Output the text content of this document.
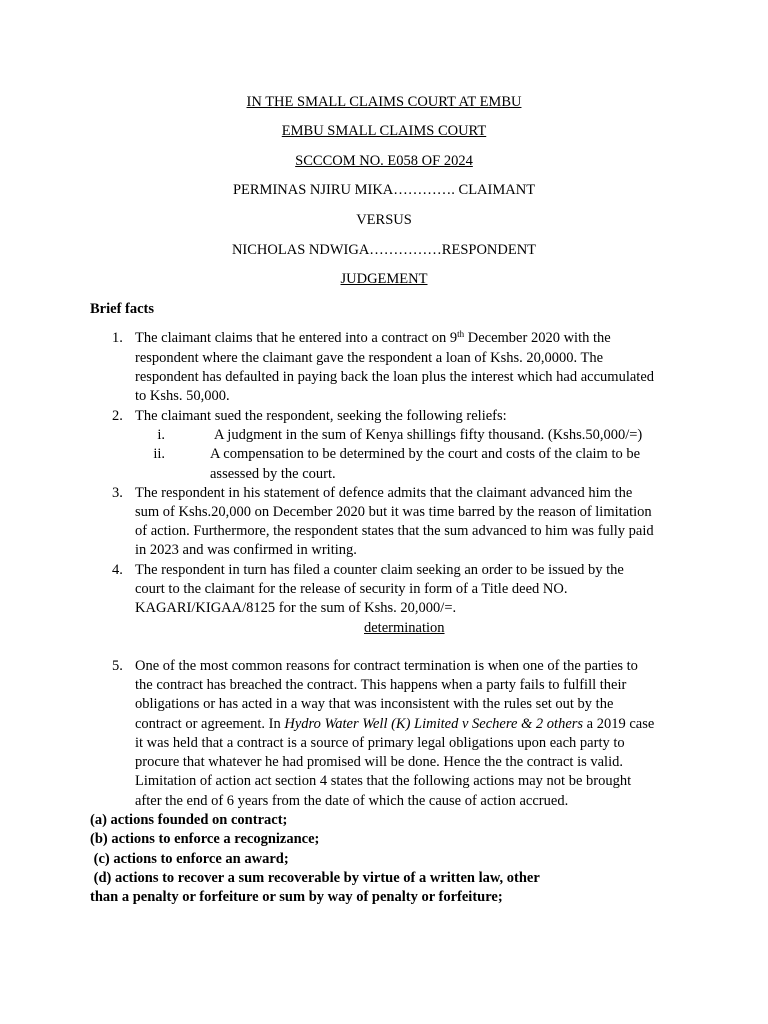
IN THE SMALL CLAIMS COURT AT EMBU
EMBU SMALL CLAIMS COURT
SCCCOM NO. E058 OF 2024
PERMINAS NJIRU MIKA…………. CLAIMANT
VERSUS
NICHOLAS NDWIGA……………RESPONDENT
JUDGEMENT
Brief facts
1. The claimant claims that he entered into a contract on 9th December 2020 with the
respondent where the claimant gave the respondent a loan of Kshs. 20,0000. The
respondent has defaulted in paying back the loan plus the interest which had accumulated
to Kshs. 50,000.
2. The claimant sued the respondent, seeking the following reliefs:
i.	A judgment in the sum of Kenya shillings fifty thousand. (Kshs.50,000/=)
ii.	A compensation to be determined by the court and costs of the claim to be
assessed by the court.
3. The respondent in his statement of defence admits that the claimant advanced him the
sum of Kshs.20,000 on December 2020 but it was time barred by the reason of limitation
of action. Furthermore, the respondent states that the sum advanced to him was fully paid
in 2023 and was confirmed in writing.
4. The respondent in turn has filed a counter claim seeking an order to be issued by the
court to the claimant for the release of security in form of a Title deed NO.
KAGARI/KIGAA/8125 for the sum of Kshs. 20,000/=.
determination
5. One of the most common reasons for contract termination is when one of the parties to
the contract has breached the contract. This happens when a party fails to fulfill their
obligations or has acted in a way that was inconsistent with the rules set out by the
contract or agreement. In Hydro Water Well (K) Limited v Sechere & 2 others a 2019 case
it was held that a contract is a source of primary legal obligations upon each party to
procure that whatever he had promised will be done. Hence the the contract is valid.
Limitation of action act section 4 states that the following actions may not be brought
after the end of 6 years from the date of which the cause of action accrued.
(a) actions founded on contract;
(b) actions to enforce a recognizance;
(c) actions to enforce an award;
(d) actions to recover a sum recoverable by virtue of a written law, other
than a penalty or forfeiture or sum by way of penalty or forfeiture;
